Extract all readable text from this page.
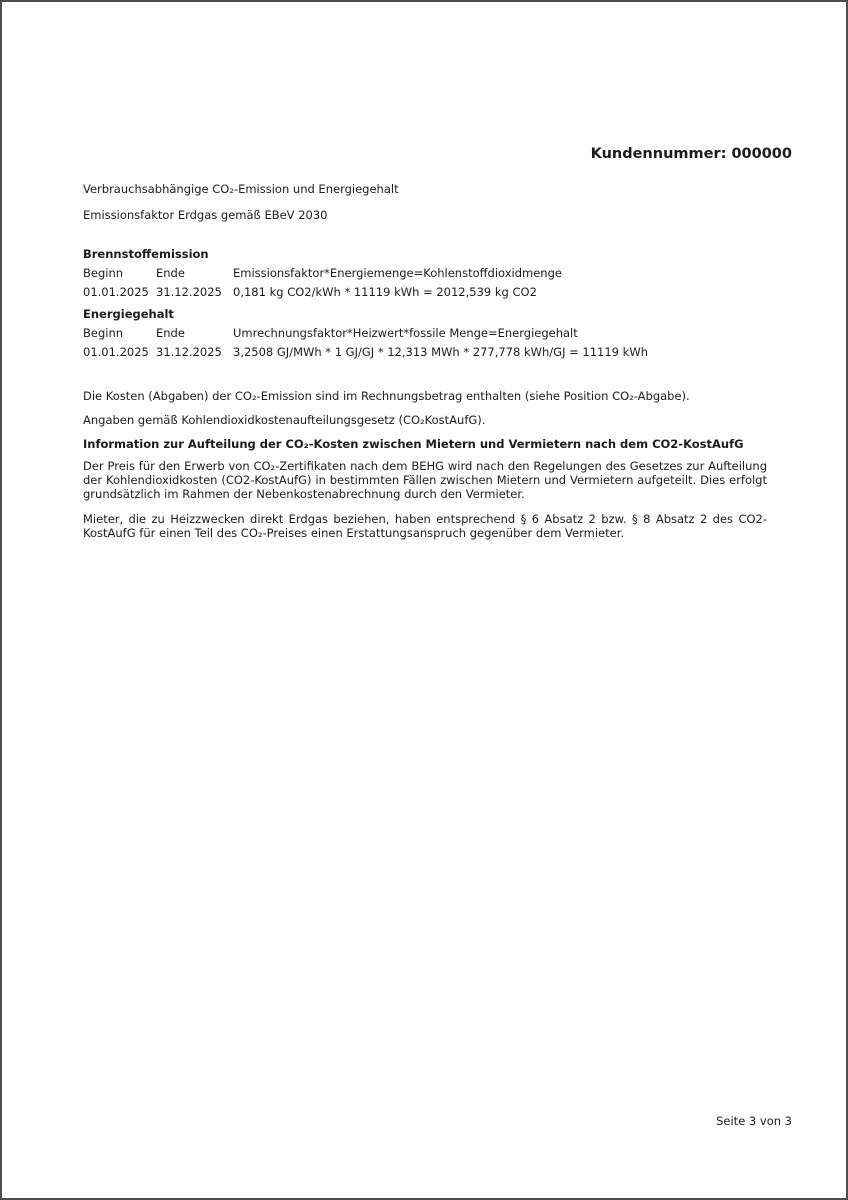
Kundennummer: 000000
Verbrauchsabhängige CO₂-Emission und Energiegehalt
Emissionsfaktor Erdgas gemäß EBeV 2030
Brennstoffemission
Beginn	Ende	Emissionsfaktor*Energiemenge=Kohlenstoffdioxidmenge
01.01.2025 31.12.2025 0,181 kg CO2/kWh * 11119 kWh = 2012,539 kg CO2
Energiegehalt
Beginn	Ende	Umrechnungsfaktor*Heizwert*fossile Menge=Energiegehalt
01.01.2025 31.12.2025 3,2508 GJ/MWh * 1 GJ/GJ * 12,313 MWh * 277,778 kWh/GJ = 11119 kWh
Die Kosten (Abgaben) der CO₂-Emission sind im Rechnungsbetrag enthalten (siehe Position CO₂-Abgabe).
Angaben gemäß Kohlendioxidkostenaufteilungsgesetz (CO₂KostAufG).
Information zur Aufteilung der CO₂-Kosten zwischen Mietern und Vermietern nach dem CO2-KostAufG
Der Preis für den Erwerb von CO₂-Zertifikaten nach dem BEHG wird nach den Regelungen des Gesetzes zur Aufteilung der Kohlendioxidkosten (CO2-KostAufG) in bestimmten Fällen zwischen Mietern und Vermietern aufgeteilt. Dies erfolgt grundsätzlich im Rahmen der Nebenkostenabrechnung durch den Vermieter.
Mieter, die zu Heizzwecken direkt Erdgas beziehen, haben entsprechend § 6 Absatz 2 bzw. § 8 Absatz 2 des CO2-KostAufG für einen Teil des CO₂-Preises einen Erstattungsanspruch gegenüber dem Vermieter.
Seite 3 von 3
